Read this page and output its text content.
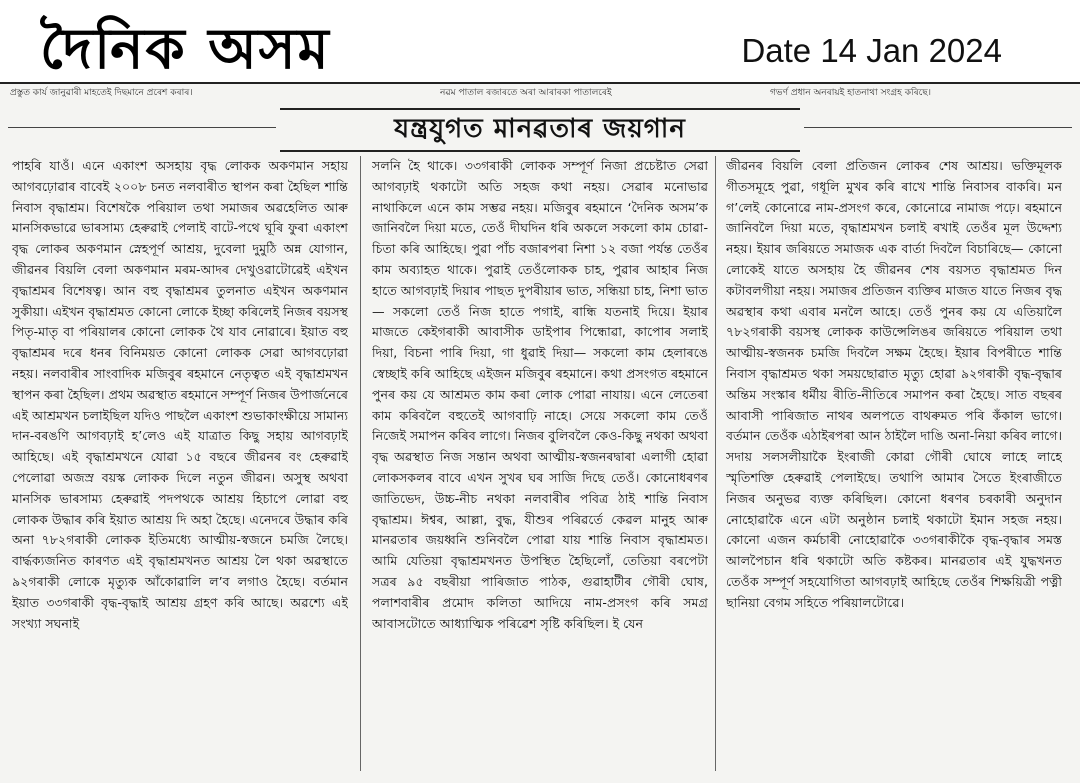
দৈনিক অসম	Date 14 Jan 2024
প্ৰস্তুত কাৰ্য জানুৱাৰী মাহতেই দিছমানে প্ৰৰেশ কৰাৰ।	নৱম পাতাল ৰজাৰতে অৰা আৰাৰকা পাতালৰেই	গভৰ্ণ প্ৰধান অনৰায়ই হাতনাথা সংগ্ৰহ কৰিছে।
যন্ত্ৰযুগত মানৱতাৰ জয়গান

পাহৰি যাওঁ। এনে একাংশ অসহায় বৃদ্ধ লোকক অকণমান সহায় আগবঢ়োৱাৰ বাবেই ২০০৮ চনত নলবাৰীত স্থাপন কৰা হৈছিল শান্তি নিবাস বৃদ্ধাশ্ৰম। বিশেষকৈ পৰিয়াল তথা সমাজৰ অৱহেলিত আৰু মানসিকভাৱে ভাৰসাম্য হেৰুৱাই পেলাই বাটে-পথে ঘূৰি ফুৰা একাংশ বৃদ্ধ লোকৰ অকণমান স্নেহপূৰ্ণ আশ্ৰয়, দুবেলা দুমুঠি অন্ন যোগান, জীৱনৰ বিয়লি বেলা অকণমান মৰম-আদৰ দেখুওৱাটোৱেই এইখন বৃদ্ধাশ্ৰমৰ বিশেষত্ব। আন বহু বৃদ্ধাশ্ৰমৰ তুলনাত এইখন অকণমান সুকীয়া। এইখন বৃদ্ধাশ্ৰমত কোনো লোকে ইচ্ছা কৰিলেই নিজৰ বয়সস্থ পিতৃ-মাতৃ বা পৰিয়ালৰ কোনো লোকক থৈ যাব নোৱাৰে। ইয়াত বহু বৃদ্ধাশ্ৰমৰ দৰে ধনৰ বিনিময়ত কোনো লোকক সেৱা আগবঢ়োৱা নহয়। নলবাৰীৰ সাংবাদিক মজিবুৰ ৰহমানে নেতৃত্বত এই বৃদ্ধাশ্ৰমখন স্থাপন কৰা হৈছিল। প্ৰথম অৱস্থাত ৰহমানে সম্পূৰ্ণ নিজৰ উপাৰ্জনেৰে এই আশ্ৰমখন চলাইছিল যদিও পাছলৈ একাংশ শুভাকাংক্ষীয়ে সামান্য দান-বৰঙণি আগবঢ়াই হ’লেও এই যাত্ৰাত কিছু সহায় আগবঢ়াই আহিছে। এই বৃদ্ধাশ্ৰমখনে যোৱা ১৫ বছৰে জীৱনৰ বং হেৰুৱাই পেলোৱা অজস্ৰ বয়স্ক লোকক দিলে নতুন জীৱন। অসুস্থ অথবা মানসিক ভাৰসাম্য হেৰুৱাই পদপথকে আশ্ৰয় হিচাপে লোৱা বহু লোকক উদ্ধাৰ কৰি ইয়াত আশ্ৰয় দি অহা হৈছে। এনেদৰে উদ্ধাৰ কৰি অনা ৭৮২গৰাকী লোকক ইতিমধ্যে আত্মীয়-স্বজনে চমজি লৈছে। বাৰ্দ্ধক্যজনিত কাৰণত এই বৃদ্ধাশ্ৰমখনত আশ্ৰয় লৈ থকা অৱস্থাতে ৯২গৰাকী লোকে মৃত্যুক আঁকোৱালি ল’ব লগাও হৈছে। বৰ্তমান ইয়াত ৩৩গৰাকী বৃদ্ধ-বৃদ্ধাই আশ্ৰয় গ্ৰহণ কৰি আছে। অৱশ্যে এই সংখ্যা সঘনাই

সলনি হৈ থাকে। ৩৩গৰাকী লোকক সম্পূৰ্ণ নিজা প্ৰচেষ্টাত সেৱা আগবঢ়াই থকাটো অতি সহজ কথা নহয়। সেৱাৰ মনোভাৱ নাথাকিলে এনে কাম সম্ভৱ নহয়। মজিবুৰ ৰহমানে ‘দৈনিক অসম’ক জানিবলৈ দিয়া মতে, তেওঁ দীঘদিন ধৰি অকলে সকলো কাম চোৱা-চিতা কৰি আহিছে। পুৱা পাঁচ বজাৰপৰা নিশা ১২ বজা পৰ্যন্ত তেওঁৰ কাম অব্যাহত থাকে। পুৱাই তেওঁলোকক চাহ, পুৱাৰ আহাৰ নিজ হাতে আগবঢ়াই দিয়াৰ পাছত দুপৰীয়াৰ ভাত, সন্ধিয়া চাহ, নিশা ভাত— সকলো তেওঁ নিজ হাতে পগাই, ৰান্ধি যতনাই দিয়ে। ইয়াৰ মাজতে কেইগৰাকী আবাসীক ডাইপাৰ পিন্ধোৱা, কাপোৰ সলাই দিয়া, বিচনা পাৰি দিয়া, গা ধুৱাই দিয়া— সকলো কাম হেলাৰঙে স্বেচ্ছাই কৰি আহিছে এইজন মজিবুৰ ৰহমানে। কথা প্ৰসংগত ৰহমানে পুনৰ কয় যে আশ্ৰমত কাম কৰা লোক পোৱা নাযায়। এনে লেতেৰা কাম কৰিবলৈ বহুতেই আগবাঢ়ি নাহে। সেয়ে সকলো কাম তেওঁ নিজেই সমাপন কৰিব লাগে। নিজৰ বুলিবলৈ কেও-কিছু নথকা অথবা বৃদ্ধ অৱস্থাত নিজ সন্তান অথবা আত্মীয়-স্বজনৰদ্বাৰা এলাগী হোৱা লোকসকলৰ বাবে এখন সুখৰ ঘৰ সাজি দিছে তেওঁ। কোনোধৰণৰ জাতিভেদ, উচ্চ-নীচ নথকা নলবাৰীৰ পবিত্ৰ ঠাই শান্তি নিবাস বৃদ্ধাশ্ৰম। ঈশ্বৰ, আল্লা, বুদ্ধ, যীশুৰ পৰিৱৰ্তে কেৱল মানুহ আৰু মানৱতাৰ জয়ধ্বনি শুনিবলৈ পোৱা যায় শান্তি নিবাস বৃদ্ধাশ্ৰমত। আমি যেতিয়া বৃদ্ধাশ্ৰমখনত উপস্থিত হৈছিলোঁ, তেতিয়া বৰপেটা সত্ৰৰ ৯৫ বছৰীয়া পাৰিজাত পাঠক, গুৱাহাটীৰ গৌৰী ঘোষ, পলাশবাৰীৰ প্ৰমোদ কলিতা আদিয়ে নাম-প্ৰসংগ কৰি সমগ্ৰ আবাসটোতে আধ্যাত্মিক পৰিৱেশ সৃষ্টি কৰিছিল। ই যেন

জীৱনৰ বিয়লি বেলা প্ৰতিজন লোকৰ শেষ আশ্ৰয়। ভক্তিমূলক গীতসমূহে পুৱা, গধূলি মুখৰ কৰি ৰাখে শান্তি নিবাসৰ বাকৰি। মন গ’লেই কোনোৱে নাম-প্ৰসংগ কৰে, কোনোৱে নামাজ পঢ়ে। ৰহমানে জানিবলৈ দিয়া মতে, বৃদ্ধাশ্ৰমখন চলাই ৰখাই তেওঁৰ মূল উদ্দেশ্য নহয়। ইয়াৰ জৰিয়তে সমাজক এক বাৰ্তা দিবলৈ বিচাৰিছে— কোনো লোকেই যাতে অসহায় হৈ জীৱনৰ শেষ বয়সত বৃদ্ধাশ্ৰমত দিন কটাবলগীয়া নহয়। সমাজৰ প্ৰতিজন ব্যক্তিৰ মাজত যাতে নিজৰ বৃদ্ধ অৱস্থাৰ কথা এবাৰ মনলৈ আহে। তেওঁ পুনৰ কয় যে এতিয়ালৈ ৭৮২গৰাকী বয়সস্থ লোকক কাউন্সেলিঙৰ জৰিয়তে পৰিয়াল তথা আত্মীয়-স্বজনক চমজি দিবলৈ সক্ষম হৈছে। ইয়াৰ বিপৰীতে শান্তি নিবাস বৃদ্ধাশ্ৰমত থকা সময়ছোৱাত মৃত্যু হোৱা ৯২গৰাকী বৃদ্ধ-বৃদ্ধাৰ অন্তিম সংস্কাৰ ধৰ্মীয় ৰীতি-নীতিৰে সমাপন কৰা হৈছে। সাত বছৰৰ আবাসী পাৰিজাত নাথৰ অলপতে বাথৰুমত পৰি কঁকাল ভাগে। বৰ্তমান তেওঁক এঠাইৰপৰা আন ঠাইলৈ দাঙি অনা-নিয়া কৰিব লাগে। সদায় সলসলীয়াকৈ ইংৰাজী কোৱা গৌৰী ঘোষে লাহে লাহে স্মৃতিশক্তি হেৰুৱাই পেলাইছে। তথাপি আমাৰ সৈতে ইংৰাজীতে নিজৰ অনুভৱ ব্যক্ত কৰিছিল। কোনো ধৰণৰ চৰকাৰী অনুদান নোহোৱাকৈ এনে এটা অনুষ্ঠান চলাই থকাটো ইমান সহজ নহয়। কোনো এজন কৰ্মচাৰী নোহোৱাকৈ ৩৩গৰাকীকৈ বৃদ্ধ-বৃদ্ধাৰ সমস্ত আলপৈচান ধৰি থকাটো অতি কষ্টকৰ। মানৱতাৰ এই যুদ্ধখনত তেওঁক সম্পূৰ্ণ সহযোগিতা আগবঢ়াই আহিছে তেওঁৰ শিক্ষয়িত্ৰী পত্নী ছানিয়া বেগম সহিতে পৰিয়ালটোৱে।
